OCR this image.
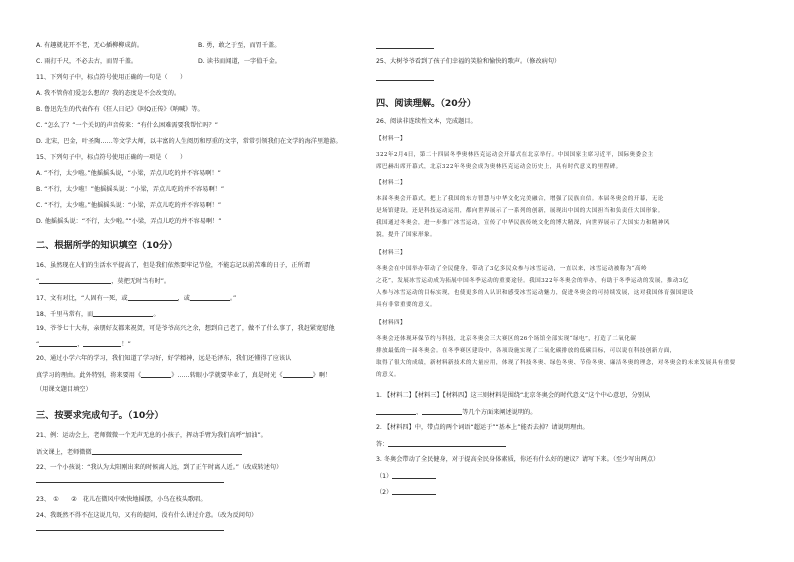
A. 有趣就花开不老，无心插柳柳成荫。	B. 勇，敢之于至，而胃千盖。
C. 雨打千尺，不必去古，而胃千盖。	D. 读书而闻道，一字值千金。
11、下列句子中，标点符号使用正确的一句是（　　）
A. 我不管你们爱怎么想的？我的态度是不会改变的。
B. 鲁迅先生的代表作有《狂人日记》《阿Q正传》《呐喊》等。
C. “怎么了？”一个关切的声音传来：“有什么困难需要我帮忙吗？”
D. 北宋，巴金，叶圣陶……等文学大师，以丰富的人生阅历和厚重的文字，常常引领我们在文学的海洋里遨游。
15、下列句子中，标点符号使用正确的一项是（　　）
A. “不行，太少啦。”他摇摇头说，“小梁，弄点儿吃的并不容易啊！”
B. “不行，太少啦！”他摇摇头说：“小梁，弄点儿吃的并不容易啊！”
C. “不行，太少啦。”他摇摇头说：“小梁，弄点儿吃的并不容易啊！”
D. 他摇摇头说：“不行，太少啦。”“小梁，弄点儿吃的并不容易啊！”
二、根据所学的知识填空（10分）
16、虽然现在人们的生活水平提高了，但是我们依然要牢记节俭，不能忘记以前苦难的日子，正所谓
“	，莫把无时当有时”。
17、文有对比，“人固有一死，或	，或	。”
18、千里马常有，而	。
19、爷爷七十大寿，亲朋好友都来祝贺，可是爷爷高兴之余，想到自己老了，做不了什么事了，我赶紧宽慰他
“	，	！”
20、通过小学六年的学习，我们知道了学习好，好学精神，远是毛泽东，我们还懂得了应该认
真学习的理由。此外特别，将来要用《	》……转眼小学就要毕业了，真是时光《	》啊！
（用课文题目填空）
三、按要求完成句子。（10分）
21、例：运动会上，老师微微一个无声无息的小孩子，挥动手臂为我们高呼“加油”。
语文课上，老师微微
22、一个小孩说：“我认为太阳刚出来的时候离人远，到了正午时离人近。”（改成转述句）
23、　①　　②　花儿在微风中欢快地摇摆，小鸟在枝头歌唱。
24、我既然不得不在这说几句，又有的提问，没有什么讲过介意。（改为反问句）
25、大树爷爷看到了孩子们幸福的笑脸和愉快的歌声。（修改病句）
四、阅读理解。（20分）
26、阅读非连续性文本，完成题目。
【材料一】
322年2月4日，第二十四届冬季奥林匹克运动会开幕式在北京举行。中国国家主席习近平，国际奥委会主
席巴赫出席开幕式，北京322年冬奥会成为奥林匹克运动会历史上，具有时代意义的里程碑。
【材料二】
本届冬奥会开幕式，把上了我国的东方智慧与中华文化完美融合，增强了民族自信。本届冬奥会的开幕，无论
是场馆建设，还是科技运动运用，都向世界展示了一系列的创新，展现出中国的大国担当和负责任大国形象。
我国通过冬奥会，进一步推广冰雪运动，宣传了中华民族传统文化的博大精深，向世界展示了大国实力和精神风
貌，提升了国家形象。
【材料三】
冬奥会在中国举办带动了全民健身，带动了3亿多民众参与冰雪运动，一直以来，冰雪运动被称为“高岭
之花”，发展冰雪运动成为拓展中国冬季运动的重要途径。我国322年冬奥会的举办，有助于冬季运动的发展，推动3亿
人参与冰雪运动的目标实现，也使更多的人认识和感受冰雪运动魅力，促进冬奥会的可持续发展，这对我国体育强国建设
具有非常重要的意义。
【材料四】
冬奥会还体现环保节约与科技，北京冬奥会三大赛区的26个场馆全部实现“绿电”，打造了二氧化碳
排放最低的一届冬奥会。在冬季赛区建设中，各项设施实现了二氧化碳排放的低碳目标，可以说在科技创新方面，
取得了很大的成绩，新材料新技术的大量应用，体现了科技冬奥、绿色冬奥、节俭冬奥、廉洁冬奥的理念，对冬奥会的未来发展具有重要
的意义。
1. 【材料二】【材料三】【材料四】这三则材料是围绕“北京冬奥会的时代意义”这个中心意思，分别从
、	等几个方面来阐述说明的。
2. 【材料四】中，带点的两个词语“超运于”“基本上”能否去掉？请说明理由。
答：
3. 冬奥会带动了全民健身，对于提高全民身体素质，你还有什么好的建议？请写下来。（至少写出两点）
（1）
（2）
